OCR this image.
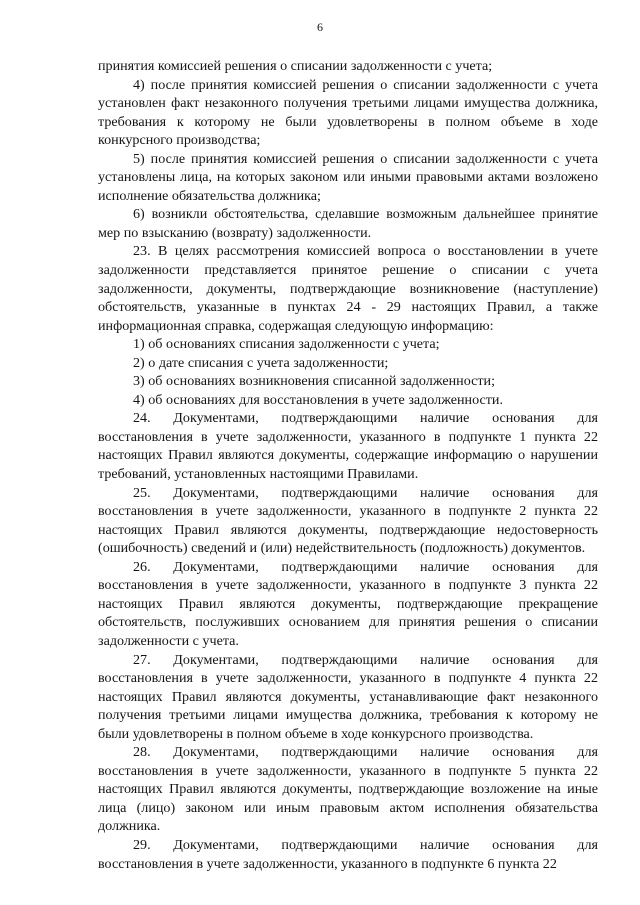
6

принятия комиссией решения о списании задолженности с учета;

4) после принятия комиссией решения о списании задолженности с учета установлен факт незаконного получения третьими лицами имущества должника, требования к которому не были удовлетворены в полном объеме в ходе конкурсного производства;

5) после принятия комиссией решения о списании задолженности с учета установлены лица, на которых законом или иными правовыми актами возложено исполнение обязательства должника;

6) возникли обстоятельства, сделавшие возможным дальнейшее принятие мер по взысканию (возврату) задолженности.

23. В целях рассмотрения комиссией вопроса о восстановлении в учете задолженности представляется принятое решение о списании с учета задолженности, документы, подтверждающие возникновение (наступление) обстоятельств, указанные в пунктах 24 - 29 настоящих Правил, а также информационная справка, содержащая следующую информацию:

1) об основаниях списания задолженности с учета;

2) о дате списания с учета задолженности;

3) об основаниях возникновения списанной задолженности;

4) об основаниях для восстановления в учете задолженности.

24. Документами, подтверждающими наличие основания для восстановления в учете задолженности, указанного в подпункте 1 пункта 22 настоящих Правил являются документы, содержащие информацию о нарушении требований, установленных настоящими Правилами.

25. Документами, подтверждающими наличие основания для восстановления в учете задолженности, указанного в подпункте 2 пункта 22 настоящих Правил являются документы, подтверждающие недостоверность (ошибочность) сведений и (или) недействительность (подложность) документов.

26. Документами, подтверждающими наличие основания для восстановления в учете задолженности, указанного в подпункте 3 пункта 22 настоящих Правил являются документы, подтверждающие прекращение обстоятельств, послуживших основанием для принятия решения о списании задолженности с учета.

27. Документами, подтверждающими наличие основания для восстановления в учете задолженности, указанного в подпункте 4 пункта 22 настоящих Правил являются документы, устанавливающие факт незаконного получения третьими лицами имущества должника, требования к которому не были удовлетворены в полном объеме в ходе конкурсного производства.

28. Документами, подтверждающими наличие основания для восстановления в учете задолженности, указанного в подпункте 5 пункта 22 настоящих Правил являются документы, подтверждающие возложение на иные лица (лицо) законом или иным правовым актом исполнения обязательства должника.

29. Документами, подтверждающими наличие основания для восстановления в учете задолженности, указанного в подпункте 6 пункта 22
